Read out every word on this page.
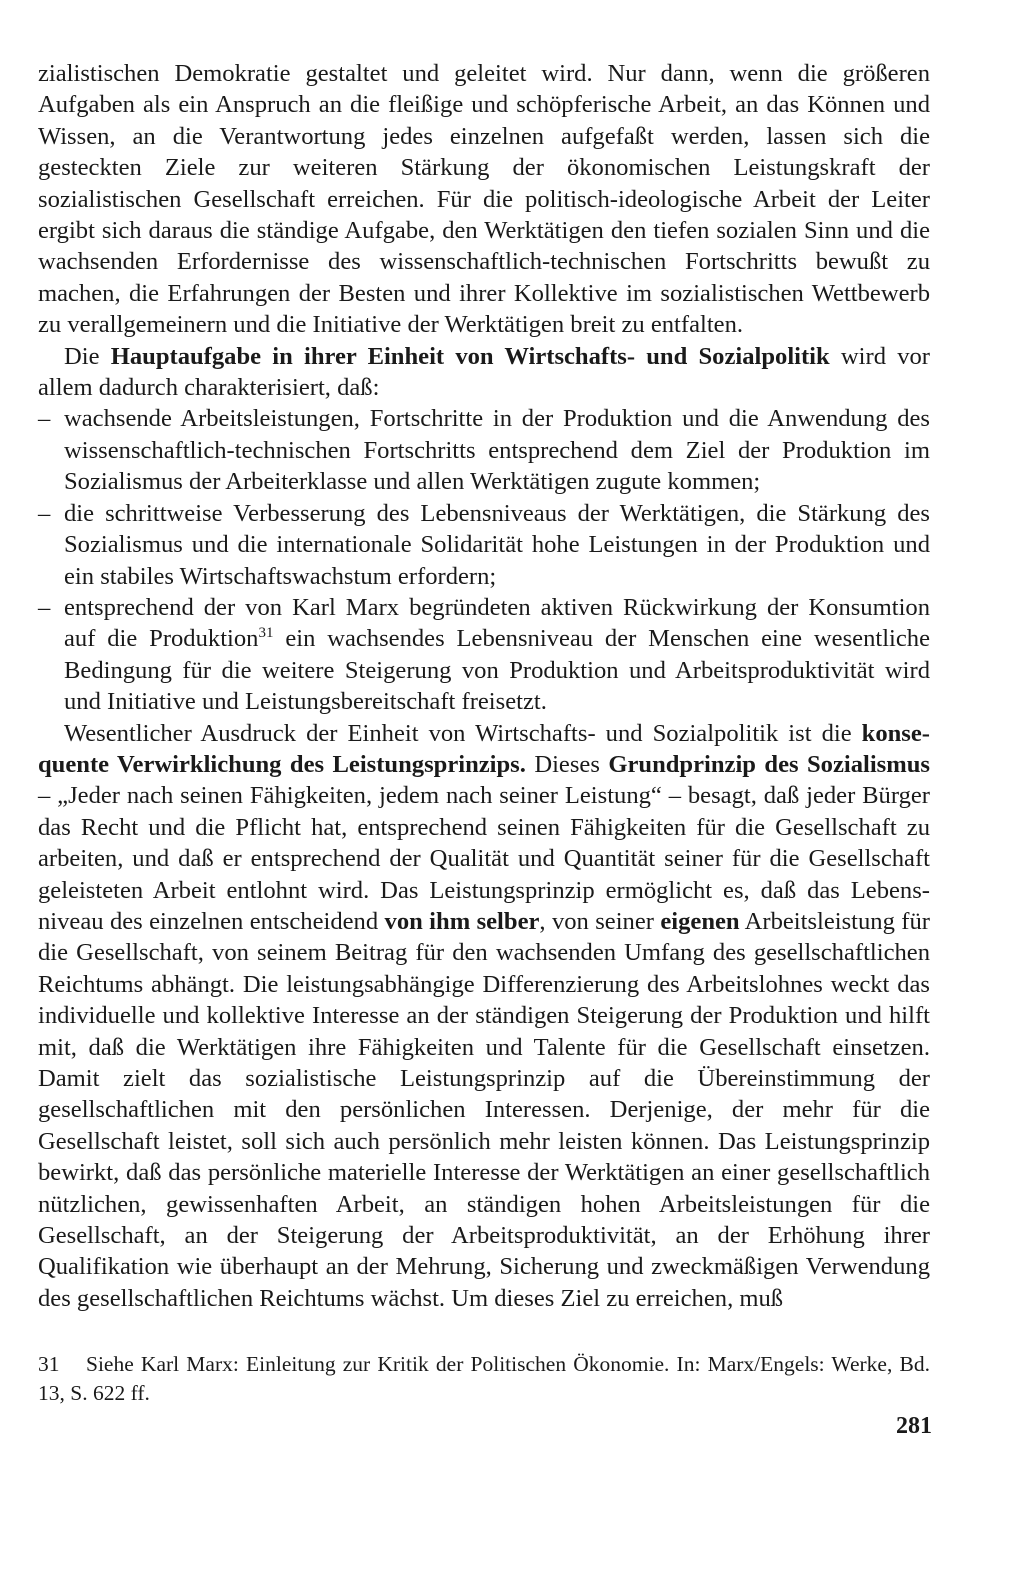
zialistischen Demokratie gestaltet und geleitet wird. Nur dann, wenn die größeren Aufgaben als ein Anspruch an die fleißige und schöpferische Arbeit, an das Können und Wissen, an die Verantwortung jedes einzelnen aufgefaßt werden, lassen sich die gesteckten Ziele zur weiteren Stärkung der ökonomischen Leistungskraft der sozialistischen Gesellschaft erreichen. Für die politisch-ideologische Arbeit der Leiter ergibt sich daraus die ständige Aufgabe, den Werktätigen den tiefen sozialen Sinn und die wachsenden Erfordernisse des wissenschaftlich-technischen Fortschritts bewußt zu machen, die Erfahrungen der Besten und ihrer Kollektive im sozialistischen Wettbewerb zu verallgemeinern und die Initiative der Werktätigen breit zu entfalten.

Die Hauptaufgabe in ihrer Einheit von Wirtschafts- und Sozialpolitik wird vor allem dadurch charakterisiert, daß:

– wachsende Arbeitsleistungen, Fortschritte in der Produktion und die Anwendung des wissenschaftlich-technischen Fortschritts entsprechend dem Ziel der Produktion im Sozialismus der Arbeiterklasse und allen Werktätigen zugute kommen;
– die schrittweise Verbesserung des Lebensniveaus der Werktätigen, die Stärkung des Sozialismus und die internationale Solidarität hohe Leistungen in der Produktion und ein stabiles Wirtschaftswachstum erfordern;
– entsprechend der von Karl Marx begründeten aktiven Rückwirkung der Konsumtion auf die Produktion$^{31}$ ein wachsendes Lebensniveau der Menschen eine wesentliche Bedingung für die weitere Steigerung von Produktion und Arbeitsproduktivität wird und Initiative und Leistungsbereitschaft freisetzt.

Wesentlicher Ausdruck der Einheit von Wirtschafts- und Sozialpolitik ist die konsequente Verwirklichung des Leistungsprinzips. Dieses Grundprinzip des Sozialismus – „Jeder nach seinen Fähigkeiten, jedem nach seiner Leistung“ – besagt, daß jeder Bürger das Recht und die Pflicht hat, entsprechend seinen Fähigkeiten für die Gesellschaft zu arbeiten, und daß er entsprechend der Qualität und Quantität seiner für die Gesellschaft geleisteten Arbeit entlohnt wird. Das Leistungsprinzip ermöglicht es, daß das Lebensniveau des einzelnen entscheidend von ihm selber, von seiner eigenen Arbeitsleistung für die Gesellschaft, von seinem Beitrag für den wachsenden Umfang des gesellschaftlichen Reichtums abhängt. Die leistungsabhängige Differenzierung des Arbeitslohnes weckt das individuelle und kollektive Interesse an der ständigen Steigerung der Produktion und hilft mit, daß die Werktätigen ihre Fähigkeiten und Talente für die Gesellschaft einsetzen. Damit zielt das sozialistische Leistungsprinzip auf die Übereinstimmung der gesellschaftlichen mit den persönlichen Interessen. Derjenige, der mehr für die Gesellschaft leistet, soll sich auch persönlich mehr leisten können. Das Leistungsprinzip bewirkt, daß das persönliche materielle Interesse der Werktätigen an einer gesellschaftlich nützlichen, gewissenhaften Arbeit, an ständigen hohen Arbeitsleistungen für die Gesellschaft, an der Steigerung der Arbeitsproduktivität, an der Erhöhung ihrer Qualifikation wie überhaupt an der Mehrung, Sicherung und zweckmäßigen Verwendung des gesellschaftlichen Reichtums wächst. Um dieses Ziel zu erreichen, muß

31 Siehe Karl Marx: Einleitung zur Kritik der Politischen Ökonomie. In: Marx/Engels: Werke, Bd. 13, S. 622 ff.
281
